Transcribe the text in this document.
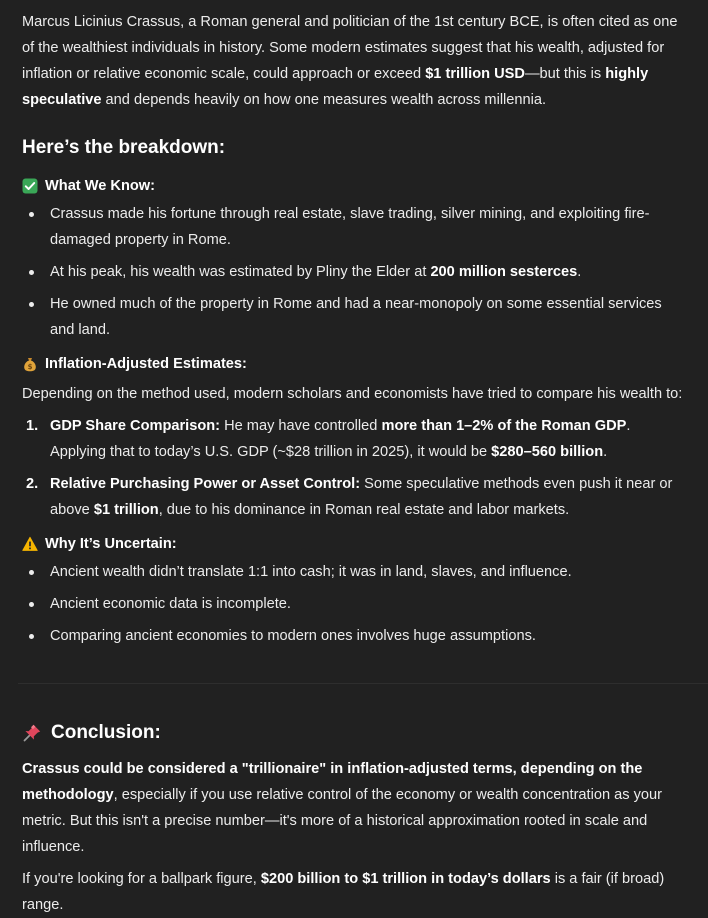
Marcus Licinius Crassus, a Roman general and politician of the 1st century BCE, is often cited as one of the wealthiest individuals in history. Some modern estimates suggest that his wealth, adjusted for inflation or relative economic scale, could approach or exceed $1 trillion USD—but this is highly speculative and depends heavily on how one measures wealth across millennia.

Here’s the breakdown:
What We Know:
Crassus made his fortune through real estate, slave trading, silver mining, and exploiting fire-damaged property in Rome.
At his peak, his wealth was estimated by Pliny the Elder at 200 million sesterces.
He owned much of the property in Rome and had a near-monopoly on some essential services and land.
$ Inflation-Adjusted Estimates:

Depending on the method used, modern scholars and economists have tried to compare his wealth to:

1. GDP Share Comparison: He may have controlled more than 1–2% of the Roman GDP. Applying that to today’s U.S. GDP (~$28 trillion in 2025), it would be $280–560 billion.
2. Relative Purchasing Power or Asset Control: Some speculative methods even push it near or above $1 trillion, due to his dominance in Roman real estate and labor markets.
Why It’s Uncertain:
Ancient wealth didn’t translate 1:1 into cash; it was in land, slaves, and influence.
Ancient economic data is incomplete.
Comparing ancient economies to modern ones involves huge assumptions.
Conclusion:

Crassus could be considered a "trillionaire" in inflation-adjusted terms, depending on the methodology, especially if you use relative control of the economy or wealth concentration as your metric. But this isn't a precise number—it's more of a historical approximation rooted in scale and influence.

If you're looking for a ballpark figure, $200 billion to $1 trillion in today’s dollars is a fair (if broad) range.
